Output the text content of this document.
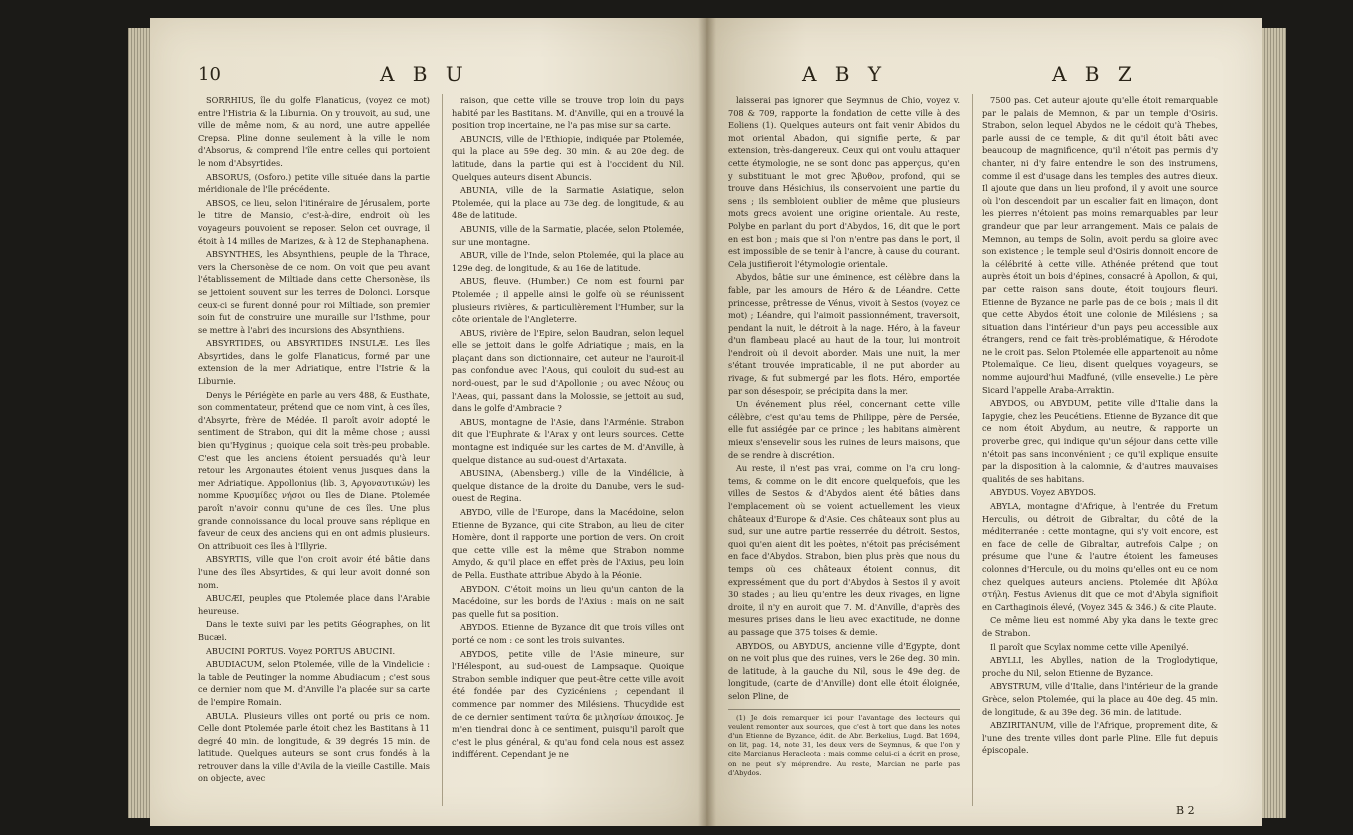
10	A B U

SORRHIUS, île du golfe Flanaticus, (voyez ce mot) entre l'Histria & la Liburnia. On y trouvoit, au sud, une ville de même nom, & au nord, une autre appellée Crepsa. Pline donne seulement à la ville le nom d'Absorus, & comprend l'île entre celles qui portoient le nom d'Absyrtides.

ABSORUS, (Osforo.) petite ville située dans la partie méridionale de l'île précédente.

ABSOS, ce lieu, selon l'itinéraire de Jérusalem, porte le titre de Mansio, c'est-à-dire, endroit où les voyageurs pouvoient se reposer. Selon cet ouvrage, il étoit à 14 milles de Marizes, & à 12 de Stephanaphena.

ABSYNTHES, les Absynthiens, peuple de la Thrace, vers la Chersonèse de ce nom. On voit que peu avant l'établissement de Miltiade dans cette Chersonèse, ils se jettoient souvent sur les terres de Dolonci. Lorsque ceux-ci se furent donné pour roi Miltiade, son premier soin fut de construire une muraille sur l'Isthme, pour se mettre à l'abri des incursions des Absynthiens.

ABSYRTIDES, ou ABSYRTIDES INSULÆ. Les îles Absyrtides, dans le golfe Flanaticus, formé par une extension de la mer Adriatique, entre l'Istrie & la Liburnie.

Denys le Périégète en parle au vers 488, & Eusthate, son commentateur, prétend que ce nom vint, à ces îles, d'Absyrte, frère de Médée. Il paroît avoir adopté le sentiment de Strabon, qui dit la même chose ; aussi bien qu'Hyginus ; quoique cela soit très-peu probable. C'est que les anciens étoient persuadés qu'à leur retour les Argonautes étoient venus jusques dans la mer Adriatique. Appollonius (lib. 3, Αργοναυτικών) les nomme Κρυσμίδες νήσοι ou Iles de Diane. Ptolemée paroît n'avoir connu qu'une de ces îles. Une plus grande connoissance du local prouve sans réplique en faveur de ceux des anciens qui en ont admis plusieurs. On attribuoit ces îles à l'Illyrie.

ABSYRTIS, ville que l'on croit avoir été bâtie dans l'une des îles Absyrtides, & qui leur avoit donné son nom.

ABUCÆI, peuples que Ptolemée place dans l'Arabie heureuse.

Dans le texte suivi par les petits Géographes, on lit Bucæi.

ABUCINI PORTUS. Voyez PORTUS ABUCINI.

ABUDIACUM, selon Ptolemée, ville de la Vindelicie : la table de Peutinger la nomme Abudiacum ; c'est sous ce dernier nom que M. d'Anville l'a placée sur sa carte de l'empire Romain.

ABULA. Plusieurs villes ont porté ou pris ce nom. Celle dont Ptolemée parle étoit chez les Bastitans à 11 degré 40 min. de longitude, & 39 degrés 15 min. de latitude. Quelques auteurs se sont crus fondés à la retrouver dans la ville d'Avila de la vieille Castille. Mais on objecte, avec

raison, que cette ville se trouve trop loin du pays habité par les Bastitans. M. d'Anville, qui en a trouvé la position trop incertaine, ne l'a pas mise sur sa carte.

ABUNCIS, ville de l'Ethiopie, indiquée par Ptolemée, qui la place au 59e deg. 30 min. & au 20e deg. de latitude, dans la partie qui est à l'occident du Nil. Quelques auteurs disent Abuncis.

ABUNIA, ville de la Sarmatie Asiatique, selon Ptolemée, qui la place au 73e deg. de longitude, & au 48e de latitude.

ABUNIS, ville de la Sarmatie, placée, selon Ptolemée, sur une montagne.

ABUR, ville de l'Inde, selon Ptolemée, qui la place au 129e deg. de longitude, & au 16e de latitude.

ABUS, fleuve. (Humber.) Ce nom est fourni par Ptolemée ; il appelle ainsi le golfe où se réunissent plusieurs rivières, & particulièrement l'Humber, sur la côte orientale de l'Angleterre.

ABUS, rivière de l'Epire, selon Baudran, selon lequel elle se jettoit dans le golfe Adriatique ; mais, en la plaçant dans son dictionnaire, cet auteur ne l'auroit-il pas confondue avec l'Aous, qui couloit du sud-est au nord-ouest, par le sud d'Apollonie ; ou avec Νέους ou l'Aeas, qui, passant dans la Molossie, se jettoit au sud, dans le golfe d'Ambracie ?

ABUS, montagne de l'Asie, dans l'Arménie. Strabon dit que l'Euphrate & l'Arax y ont leurs sources. Cette montagne est indiquée sur les cartes de M. d'Anville, à quelque distance au sud-ouest d'Artaxata.

ABUSINA, (Abensberg.) ville de la Vindélicie, à quelque distance de la droite du Danube, vers le sud-ouest de Regina.

ABYDO, ville de l'Europe, dans la Macédoine, selon Etienne de Byzance, qui cite Strabon, au lieu de citer Homère, dont il rapporte une portion de vers. On croit que cette ville est la même que Strabon nomme Amydo, & qu'il place en effet près de l'Axius, peu loin de Pella. Eusthate attribue Abydo à la Péonie.

ABYDON. C'étoit moins un lieu qu'un canton de la Macédoine, sur les bords de l'Axius : mais on ne sait pas quelle fut sa position.

ABYDOS. Etienne de Byzance dit que trois villes ont porté ce nom : ce sont les trois suivantes.

ABYDOS, petite ville de l'Asie mineure, sur l'Hélespont, au sud-ouest de Lampsaque. Quoique Strabon semble indiquer que peut-être cette ville avoit été fondée par des Cyzicéniens ; cependant il commence par nommer des Milésiens. Thucydide est de ce dernier sentiment ταύτα δε μιλησίων άποικος. Je m'en tiendrai donc à ce sentiment, puisqu'il paroît que c'est le plus général, & qu'au fond cela nous est assez indifférent. Cependant je ne

A B Y	A B Z

laisserai pas ignorer que Seymnus de Chio, voyez v. 708 & 709, rapporte la fondation de cette ville à des Eoliens (1). Quelques auteurs ont fait venir Abidos du mot oriental Abadon, qui signifie perte, & par extension, très-dangereux. Ceux qui ont voulu attaquer cette étymologie, ne se sont donc pas apperçus, qu'en y substituant le mot grec Ἄβυθον, profond, qui se trouve dans Hésichius, ils conservoient une partie du sens ; ils sembloient oublier de même que plusieurs mots grecs avoient une origine orientale. Au reste, Polybe en parlant du port d'Abydos, 16, dit que le port en est bon ; mais que si l'on n'entre pas dans le port, il est impossible de se tenir à l'ancre, à cause du courant. Cela justifieroit l'étymologie orientale.

Abydos, bâtie sur une éminence, est célèbre dans la fable, par les amours de Héro & de Léandre. Cette princesse, prêtresse de Vénus, vivoit à Sestos (voyez ce mot) ; Léandre, qui l'aimoit passionnément, traversoit, pendant la nuit, le détroit à la nage. Héro, à la faveur d'un flambeau placé au haut de la tour, lui montroit l'endroit où il devoit aborder. Mais une nuit, la mer s'étant trouvée impraticable, il ne put aborder au rivage, & fut submergé par les flots. Héro, emportée par son désespoir, se précipita dans la mer.

Un événement plus réel, concernant cette ville célèbre, c'est qu'au tems de Philippe, père de Persée, elle fut assiégée par ce prince ; les habitans aimèrent mieux s'ensevelir sous les ruines de leurs maisons, que de se rendre à discrétion.

Au reste, il n'est pas vrai, comme on l'a cru long-tems, & comme on le dit encore quelquefois, que les villes de Sestos & d'Abydos aient été bâties dans l'emplacement où se voient actuellement les vieux châteaux d'Europe & d'Asie. Ces châteaux sont plus au sud, sur une autre partie resserrée du détroit. Sestos, quoi qu'en aient dit les poètes, n'étoit pas précisément en face d'Abydos. Strabon, bien plus près que nous du temps où ces châteaux étoient connus, dit expressément que du port d'Abydos à Sestos il y avoit 30 stades ; au lieu qu'entre les deux rivages, en ligne droite, il n'y en auroit que 7. M. d'Anville, d'après des mesures prises dans le lieu avec exactitude, ne donne au passage que 375 toises & demie.

ABYDOS, ou ABYDUS, ancienne ville d'Egypte, dont on ne voit plus que des ruines, vers le 26e deg. 30 min. de latitude, à la gauche du Nil, sous le 49e deg. de longitude, (carte de d'Anville) dont elle étoit éloignée, selon Pline, de

(1) Je dois remarquer ici pour l'avantage des lecteurs qui veulent remonter aux sources, que c'est à tort que dans les notes d'un Etienne de Byzance, édit. de Abr. Berkelius, Lugd. Bat 1694, on lit, pag. 14, note 31, les deux vers de Seymnus, & que l'on y cite Marcianus Heracleota : mais comme celui-ci a écrit en prose, on ne peut s'y méprendre. Au reste, Marcian ne parle pas d'Abydos.

7500 pas. Cet auteur ajoute qu'elle étoit remarquable par le palais de Memnon, & par un temple d'Osiris. Strabon, selon lequel Abydos ne le cédoit qu'à Thebes, parle aussi de ce temple, & dit qu'il étoit bâti avec beaucoup de magnificence, qu'il n'étoit pas permis d'y chanter, ni d'y faire entendre le son des instrumens, comme il est d'usage dans les temples des autres dieux. Il ajoute que dans un lieu profond, il y avoit une source où l'on descendoit par un escalier fait en limaçon, dont les pierres n'étoient pas moins remarquables par leur grandeur que par leur arrangement. Mais ce palais de Memnon, au temps de Solin, avoit perdu sa gloire avec son existence ; le temple seul d'Osiris donnoit encore de la célébrité à cette ville. Athénée prétend que tout auprès étoit un bois d'épines, consacré à Apollon, & qui, par cette raison sans doute, étoit toujours fleuri. Etienne de Byzance ne parle pas de ce bois ; mais il dit que cette Abydos étoit une colonie de Milésiens ; sa situation dans l'intérieur d'un pays peu accessible aux étrangers, rend ce fait très-problématique, & Hérodote ne le croit pas. Selon Ptolemée elle appartenoit au nôme Ptolemaïque. Ce lieu, disent quelques voyageurs, se nomme aujourd'hui Madfuné, (ville ensevelie.) Le père Sicard l'appelle Araba-Arraktin.

ABYDOS, ou ABYDUM, petite ville d'Italie dans la Iapygie, chez les Peucétiens. Etienne de Byzance dit que ce nom étoit Abydum, au neutre, & rapporte un proverbe grec, qui indique qu'un séjour dans cette ville n'étoit pas sans inconvénient ; ce qu'il explique ensuite par la disposition à la calomnie, & d'autres mauvaises qualités de ses habitans.

ABYDUS. Voyez ABYDOS.

ABYLA, montagne d'Afrique, à l'entrée du Fretum Herculis, ou détroit de Gibraltar, du côté de la méditerranée : cette montagne, qui s'y voit encore, est en face de celle de Gibraltar, autrefois Calpe ; on présume que l'une & l'autre étoient les fameuses colonnes d'Hercule, ou du moins qu'elles ont eu ce nom chez quelques auteurs anciens. Ptolemée dit Ἀβύλα στήλη. Festus Avienus dit que ce mot d'Abyla signifioit en Carthaginois élevé, (Voyez 345 & 346.) & cite Plaute.

Ce même lieu est nommé Aby yka dans le texte grec de Strabon.

Il paroît que Scylax nomme cette ville Apenilyé.

ABYLLI, les Abylles, nation de la Troglodytique, proche du Nil, selon Etienne de Byzance.

ABYSTRUM, ville d'Italie, dans l'intérieur de la grande Grèce, selon Ptolemée, qui la place au 40e deg. 45 min. de longitude, & au 39e deg. 36 min. de latitude.

ABZIRITANUM, ville de l'Afrique, proprement dite, & l'une des trente villes dont parle Pline. Elle fut depuis épiscopale.

B 2
